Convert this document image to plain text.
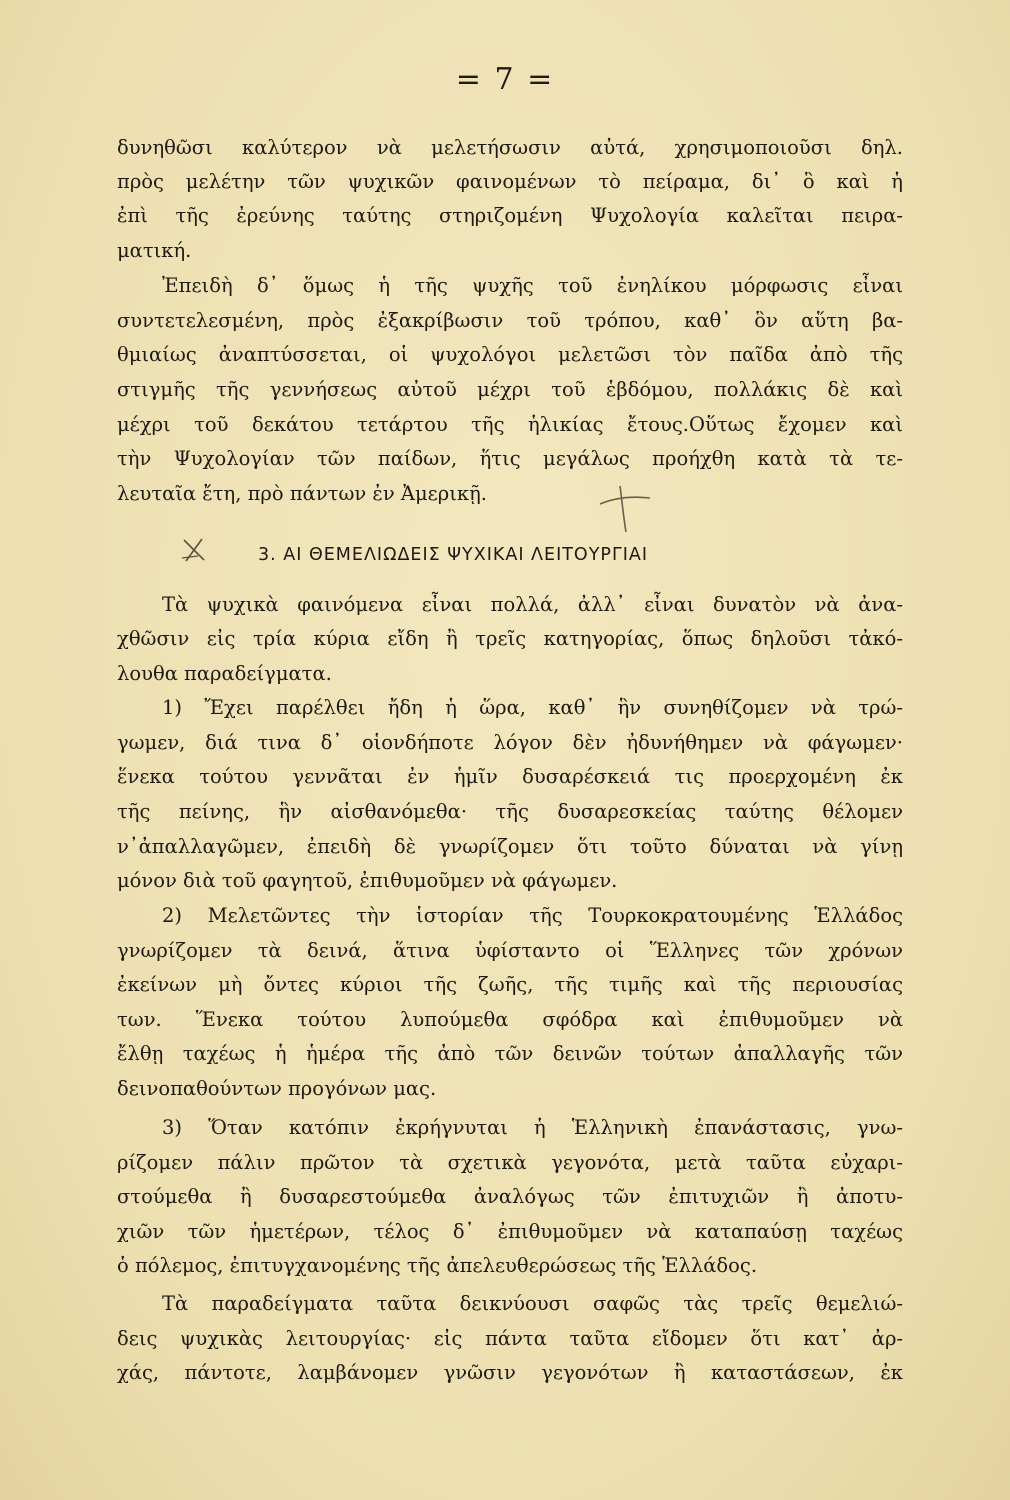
= 7 =
δυνηθῶσι καλύτερον νὰ μελετήσωσιν αὐτά, χρησιμοποιοῦσι δηλ.
πρὸς μελέτην τῶν ψυχικῶν φαινομένων τὸ πείραμα, δι᾽ ὃ καὶ ἡ
ἐπὶ τῆς ἐρεύνης ταύτης στηριζομένη Ψυχολογία καλεῖται πειρα-
ματική.
Ἐπειδὴ δ᾽ ὅμως ἡ τῆς ψυχῆς τοῦ ἐνηλίκου μόρφωσις εἶναι
συντετελεσμένη, πρὸς ἐξακρίβωσιν τοῦ τρόπου, καθ᾽ ὃν αὕτη βα-
θμιαίως ἀναπτύσσεται, οἱ ψυχολόγοι μελετῶσι τὸν παῖδα ἀπὸ τῆς
στιγμῆς τῆς γεννήσεως αὐτοῦ μέχρι τοῦ ἑβδόμου, πολλάκις δὲ καὶ
μέχρι τοῦ δεκάτου τετάρτου τῆς ἡλικίας ἔτους.Οὕτως ἔχομεν καὶ
τὴν Ψυχολογίαν τῶν παίδων, ἥτις μεγάλως προήχθη κατὰ τὰ τε-
λευταῖα ἔτη, πρὸ πάντων ἐν Ἀμερικῇ.
3. ΑΙ ΘΕΜΕΛΙΩΔΕΙΣ ΨΥΧΙΚΑΙ ΛΕΙΤΟΥΡΓΙΑΙ
Τὰ ψυχικὰ φαινόμενα εἶναι πολλά, ἀλλ᾽ εἶναι δυνατὸν νὰ ἀνα-
χθῶσιν εἰς τρία κύρια εἴδη ἢ τρεῖς κατηγορίας, ὅπως δηλοῦσι τἀκό-
λουθα παραδείγματα.
1) Ἔχει παρέλθει ἤδη ἡ ὥρα, καθ᾽ ἣν συνηθίζομεν νὰ τρώ-
γωμεν, διά τινα δ᾽ οἱονδήποτε λόγον δὲν ἠδυνήθημεν νὰ φάγωμεν·
ἕνεκα τούτου γεννᾶται ἐν ἡμῖν δυσαρέσκειά τις προερχομένη ἐκ
τῆς πείνης, ἣν αἰσθανόμεθα· τῆς δυσαρεσκείας ταύτης θέλομεν
ν᾽ἀπαλλαγῶμεν, ἐπειδὴ δὲ γνωρίζομεν ὅτι τοῦτο δύναται νὰ γίνῃ
μόνον διὰ τοῦ φαγητοῦ, ἐπιθυμοῦμεν νὰ φάγωμεν.
2) Μελετῶντες τὴν ἱστορίαν τῆς Τουρκοκρατουμένης Ἑλλάδος
γνωρίζομεν τὰ δεινά, ἅτινα ὑφίσταντο οἱ Ἕλληνες τῶν χρόνων
ἐκείνων μὴ ὄντες κύριοι τῆς ζωῆς, τῆς τιμῆς καὶ τῆς περιουσίας
των. Ἕνεκα τούτου λυπούμεθα σφόδρα καὶ ἐπιθυμοῦμεν νὰ
ἔλθῃ ταχέως ἡ ἡμέρα τῆς ἀπὸ τῶν δεινῶν τούτων ἀπαλλαγῆς τῶν
δεινοπαθούντων προγόνων μας.
3) Ὅταν κατόπιν ἐκρήγνυται ἡ Ἑλληνικὴ ἐπανάστασις, γνω-
ρίζομεν πάλιν πρῶτον τὰ σχετικὰ γεγονότα, μετὰ ταῦτα εὐχαρι-
στούμεθα ἢ δυσαρεστούμεθα ἀναλόγως τῶν ἐπιτυχιῶν ἢ ἀποτυ-
χιῶν τῶν ἡμετέρων, τέλος δ᾽ ἐπιθυμοῦμεν νὰ καταπαύσῃ ταχέως
ὁ πόλεμος, ἐπιτυγχανομένης τῆς ἀπελευθερώσεως τῆς Ἑλλάδος.
Τὰ παραδείγματα ταῦτα δεικνύουσι σαφῶς τὰς τρεῖς θεμελιώ-
δεις ψυχικὰς λειτουργίας· εἰς πάντα ταῦτα εἴδομεν ὅτι κατ᾽ ἀρ-
χάς, πάντοτε, λαμβάνομεν γνῶσιν γεγονότων ἢ καταστάσεων, ἐκ
